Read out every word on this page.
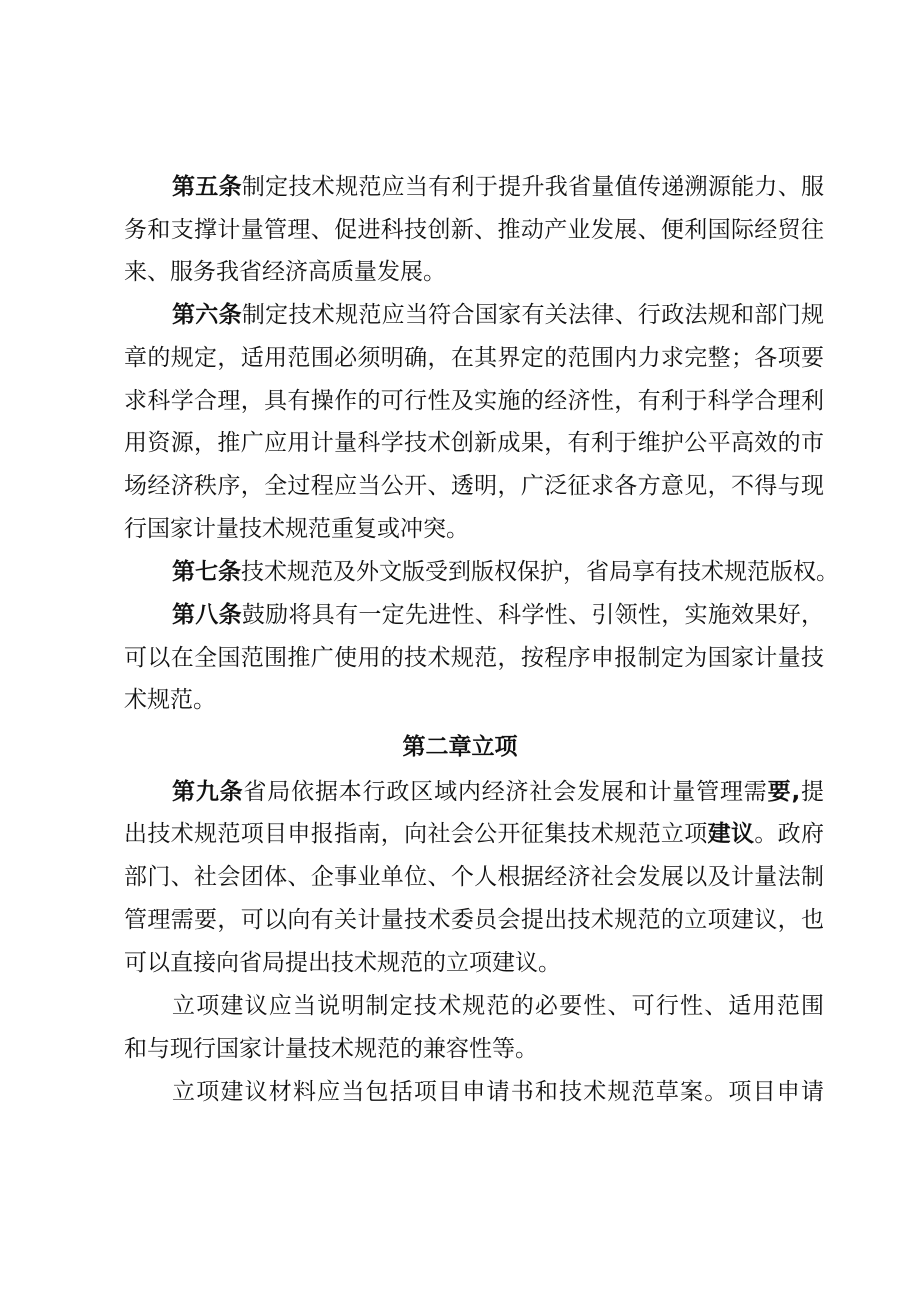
第五条制定技术规范应当有利于提升我省量值传递溯源能力、服
务和支撑计量管理、促进科技创新、推动产业发展、便利国际经贸往
来、服务我省经济高质量发展。
第六条制定技术规范应当符合国家有关法律、行政法规和部门规
章的规定，适用范围必须明确，在其界定的范围内力求完整；各项要
求科学合理，具有操作的可行性及实施的经济性，有利于科学合理利
用资源，推广应用计量科学技术创新成果，有利于维护公平高效的市
场经济秩序，全过程应当公开、透明，广泛征求各方意见，不得与现
行国家计量技术规范重复或冲突。
第七条技术规范及外文版受到版权保护，省局享有技术规范版权。
第八条鼓励将具有一定先进性、科学性、引领性，实施效果好，
可以在全国范围推广使用的技术规范，按程序申报制定为国家计量技
术规范。
第二章立项
第九条省局依据本行政区域内经济社会发展和计量管理需要,提
出技术规范项目申报指南，向社会公开征集技术规范立项建议。政府
部门、社会团体、企事业单位、个人根据经济社会发展以及计量法制
管理需要，可以向有关计量技术委员会提出技术规范的立项建议，也
可以直接向省局提出技术规范的立项建议。
立项建议应当说明制定技术规范的必要性、可行性、适用范围
和与现行国家计量技术规范的兼容性等。
立项建议材料应当包括项目申请书和技术规范草案。项目申请
